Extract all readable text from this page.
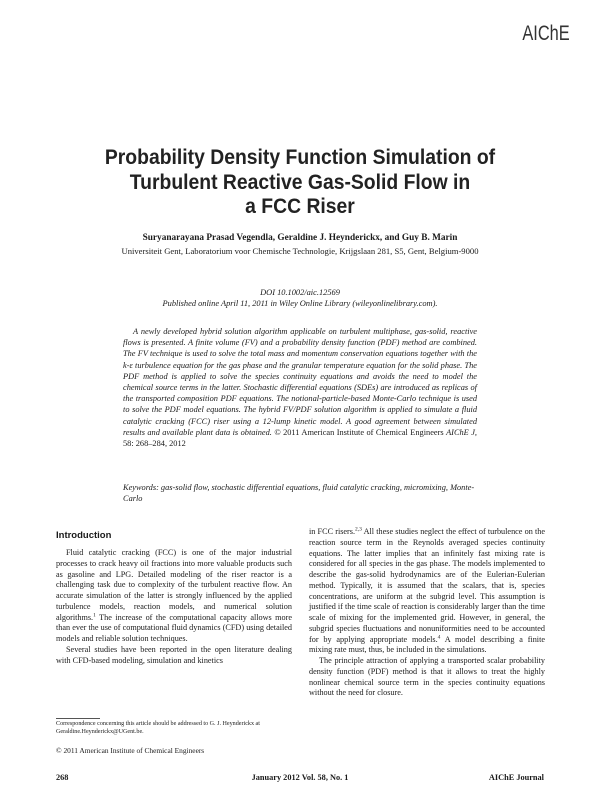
AIChE
Probability Density Function Simulation of
Turbulent Reactive Gas-Solid Flow in
a FCC Riser
Suryanarayana Prasad Vegendla, Geraldine J. Heynderickx, and Guy B. Marin
Universiteit Gent, Laboratorium voor Chemische Technologie, Krijgslaan 281, S5, Gent, Belgium-9000
DOI 10.1002/aic.12569
Published online April 11, 2011 in Wiley Online Library (wileyonlinelibrary.com).
A newly developed hybrid solution algorithm applicable on turbulent multiphase, gas-solid, reactive flows is presented. A finite volume (FV) and a probability density function (PDF) method are combined. The FV technique is used to solve the total mass and momentum conservation equations together with the k-ε turbulence equation for the gas phase and the granular temperature equation for the solid phase. The PDF method is applied to solve the species continuity equations and avoids the need to model the chemical source terms in the latter. Stochastic differential equations (SDEs) are introduced as replicas of the transported composition PDF equations. The notional-particle-based Monte-Carlo technique is used to solve the PDF model equations. The hybrid FV/PDF solution algorithm is applied to simulate a fluid catalytic cracking (FCC) riser using a 12-lump kinetic model. A good agreement between simulated results and available plant data is obtained. © 2011 American Institute of Chemical Engineers AIChE J, 58: 268–284, 2012
Keywords: gas-solid flow, stochastic differential equations, fluid catalytic cracking, micromixing, Monte-Carlo
Introduction

Fluid catalytic cracking (FCC) is one of the major industrial processes to crack heavy oil fractions into more valuable products such as gasoline and LPG. Detailed modeling of the riser reactor is a challenging task due to complexity of the turbulent reactive flow. An accurate simulation of the latter is strongly influenced by the applied turbulence models, reaction models, and numerical solution algorithms.$^1$ The increase of the computational capacity allows more than ever the use of computational fluid dynamics (CFD) using detailed models and reliable solution techniques.

Several studies have been reported in the open literature dealing with CFD-based modeling, simulation and kinetics

in FCC risers.$^{2,3}$ All these studies neglect the effect of turbulence on the reaction source term in the Reynolds averaged species continuity equations. The latter implies that an infinitely fast mixing rate is considered for all species in the gas phase. The models implemented to describe the gas-solid hydrodynamics are of the Eulerian-Eulerian method. Typically, it is assumed that the scalars, that is, species concentrations, are uniform at the subgrid level. This assumption is justified if the time scale of reaction is considerably larger than the time scale of mixing for the implemented grid. However, in general, the subgrid species fluctuations and nonuniformities need to be accounted for by applying appropriate models.$^4$ A model describing a finite mixing rate must, thus, be included in the simulations.

The principle attraction of applying a transported scalar probability density function (PDF) method is that it allows to treat the highly nonlinear chemical source term in the species continuity equations without the need for closure.

Correspondence concerning this article should be addressed to G. J. Heynderickx at Geraldine.Heynderickx@UGent.be.
© 2011 American Institute of Chemical Engineers
268	January 2012 Vol. 58, No. 1	AIChE Journal
